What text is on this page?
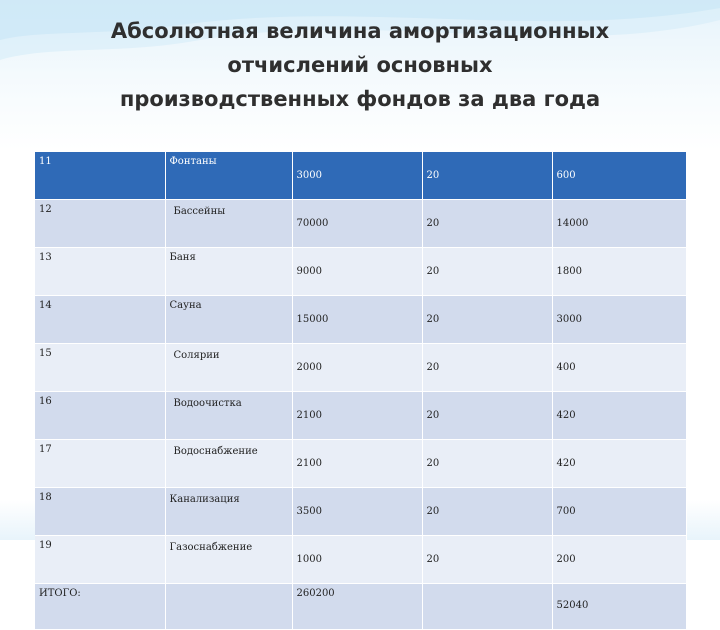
Абсолютная величина амортизационных
отчислений основных
производственных фондов за два года
11	Фонтаны	3000	20	600
12	Бассейны	70000	20	14000
13	Баня	9000	20	1800
14	Сауна	15000	20	3000
15	Солярии	2000	20	400
16	Водоочистка	2100	20	420
17	Водоснабжение	2100	20	420
18	Канализация	3500	20	700
19	Газоснабжение	1000	20	200
ИТОГО:		260200		52040
